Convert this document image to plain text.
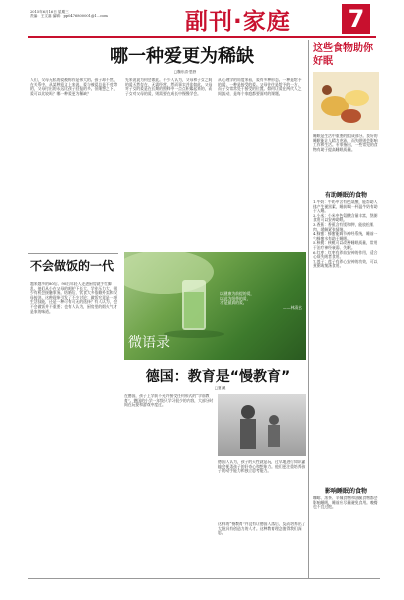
2015年6月16日 星期三
责编：王文嘉 编辑：pp0476800001@1...com	副刊·家庭 7
哪一种爱更为稀缺
□魏东清·思野
人们，父母无私的爱被称作是伟大的。孩子却不然，在关系中，从某种意义上来说，爱与被爱总是不对等的，父母付出的永远比孩子回报的多。但细想之下，爱可以比较吗？哪一种爱更为稀缺？
先来说说为何会如此。不少人认为，父母和子女之间的爱天然存在，无需经营，然而事实并非如此。父母对子女的爱是在长期的照料中一点点积累起来的，而子女对父母的爱，则需要在成长中慢慢学会。
从心理学的角度来看，爱有多种形态。一种是给予的爱，一种是接受的爱。父母往往是给予的一方，而子女常常处于接受的位置。如何让爱在两代人之间流动，是每个家庭都要面对的课题。
不会做饭的一代
越来越多的80后、90后年轻人走进厨房就手忙脚乱。他们从小在父母的呵护下长大，学业压力大，很少有机会接触家务。结婚后，饮食大多依赖外卖和父母接济。这种现象引发了不少讨论：做饭究竟是一项生活技能，还是一种可有可无的选择？有人认为，会不会做饭并不重要；也有人认为，厨房里的烟火气才是家的味道。
以健康为前提的爱，
以此为纽带的爱，
才是最真的爱。
——林清玄
微语录
德国：教育是“慢教育”
□夏溪
在德国，孩子上学前不允许接受任何形式的“学前教育”。德国的小学一年级只学习很少的内容，大部分时间在玩耍和游戏中度过。
德国人认为，孩子的天性就是玩，过早地进行知识灌输会扼杀孩子的好奇心和想象力。他们更注重培养孩子的动手能力和独立思考能力。
这样的“慢教育”并没有让德国人落后，反而培养出了大批具有创造力的人才。这种教育理念值得我们深思。
这些食物助你好眠
睡眠是生活中重要的组成部分。良好的睡眠能让人精力充沛，而失眠则会影响工作和生活。专家指出，一些常见的食物有助于提高睡眠质量。
有助睡眠的食物
1.牛奶：牛奶中含有色氨酸，能帮助人体产生褪黑素，睡前喝一杯温牛奶有助于入睡。
2.小米：小米中色氨酸含量丰富，熬粥食用可以安神助眠。
3.香蕉：香蕉含有镁和钾，能放松肌肉，缓解紧张情绪。
4.蜂蜜：蜂蜜能调节神经系统，睡前一勺蜂蜜水有助于睡眠。
5.核桃：核桃可以改善睡眠质量，常用于治疗神经衰弱、失眠。
6.红枣：红枣有养血安神的作用，适合心烦失眠者食用。
7.莲子：莲子有养心安神的功效，可以煮粥或煲汤食用。
影响睡眠的食物
咖啡、浓茶、辛辣食物和油腻食物都会影响睡眠，睡前应尽量避免食用。晚餐也不宜过饱。
